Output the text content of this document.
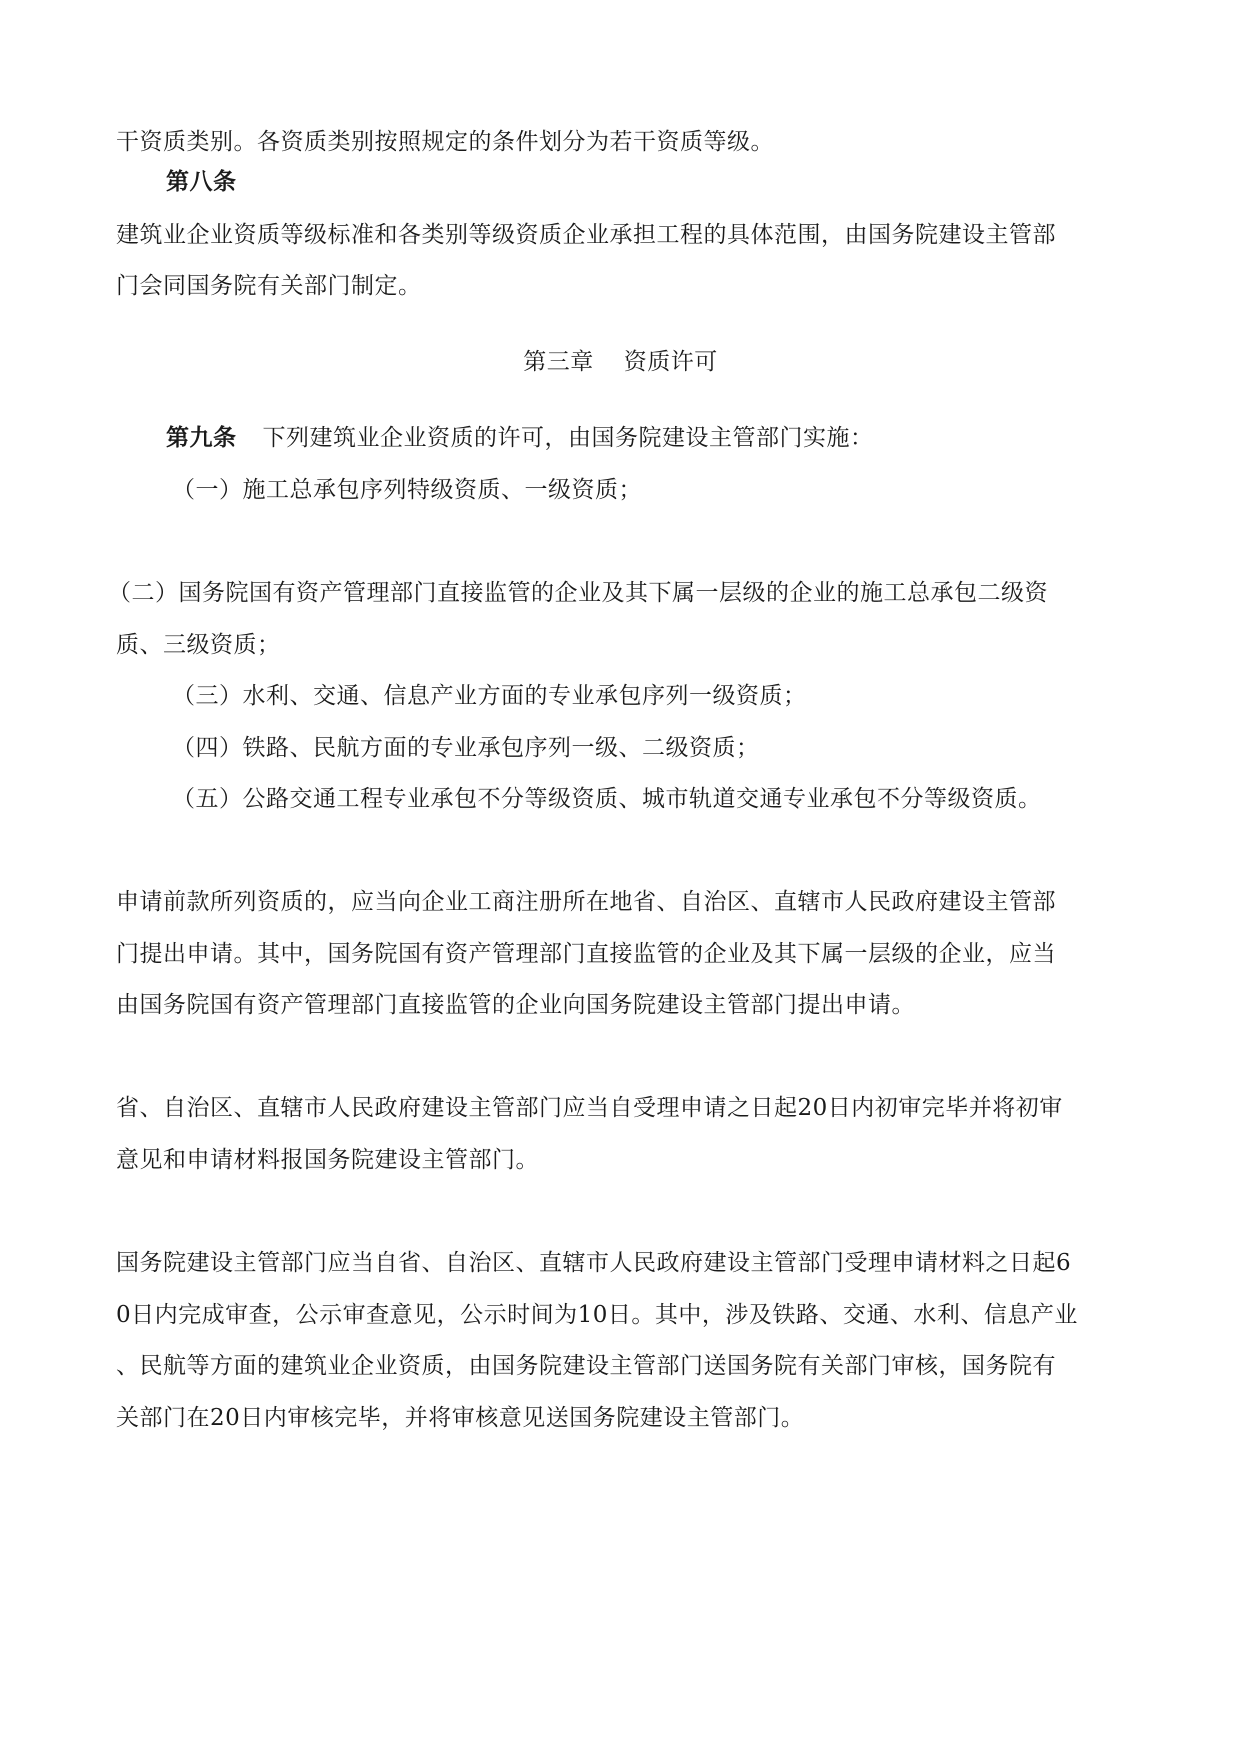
干资质类别。各资质类别按照规定的条件划分为若干资质等级。
第八条
建筑业企业资质等级标准和各类别等级资质企业承担工程的具体范围，由国务院建设主管部
门会同国务院有关部门制定。
第三章 资质许可
第九条 下列建筑业企业资质的许可，由国务院建设主管部门实施：
（一）施工总承包序列特级资质、一级资质；
（二）国务院国有资产管理部门直接监管的企业及其下属一层级的企业的施工总承包二级资
质、三级资质；
（三）水利、交通、信息产业方面的专业承包序列一级资质；
（四）铁路、民航方面的专业承包序列一级、二级资质；
（五）公路交通工程专业承包不分等级资质、城市轨道交通专业承包不分等级资质。
申请前款所列资质的，应当向企业工商注册所在地省、自治区、直辖市人民政府建设主管部
门提出申请。其中，国务院国有资产管理部门直接监管的企业及其下属一层级的企业，应当
由国务院国有资产管理部门直接监管的企业向国务院建设主管部门提出申请。
省、自治区、直辖市人民政府建设主管部门应当自受理申请之日起20日内初审完毕并将初审
意见和申请材料报国务院建设主管部门。
国务院建设主管部门应当自省、自治区、直辖市人民政府建设主管部门受理申请材料之日起6
0日内完成审查，公示审查意见，公示时间为10日。其中，涉及铁路、交通、水利、信息产业
、民航等方面的建筑业企业资质，由国务院建设主管部门送国务院有关部门审核，国务院有
关部门在20日内审核完毕，并将审核意见送国务院建设主管部门。
